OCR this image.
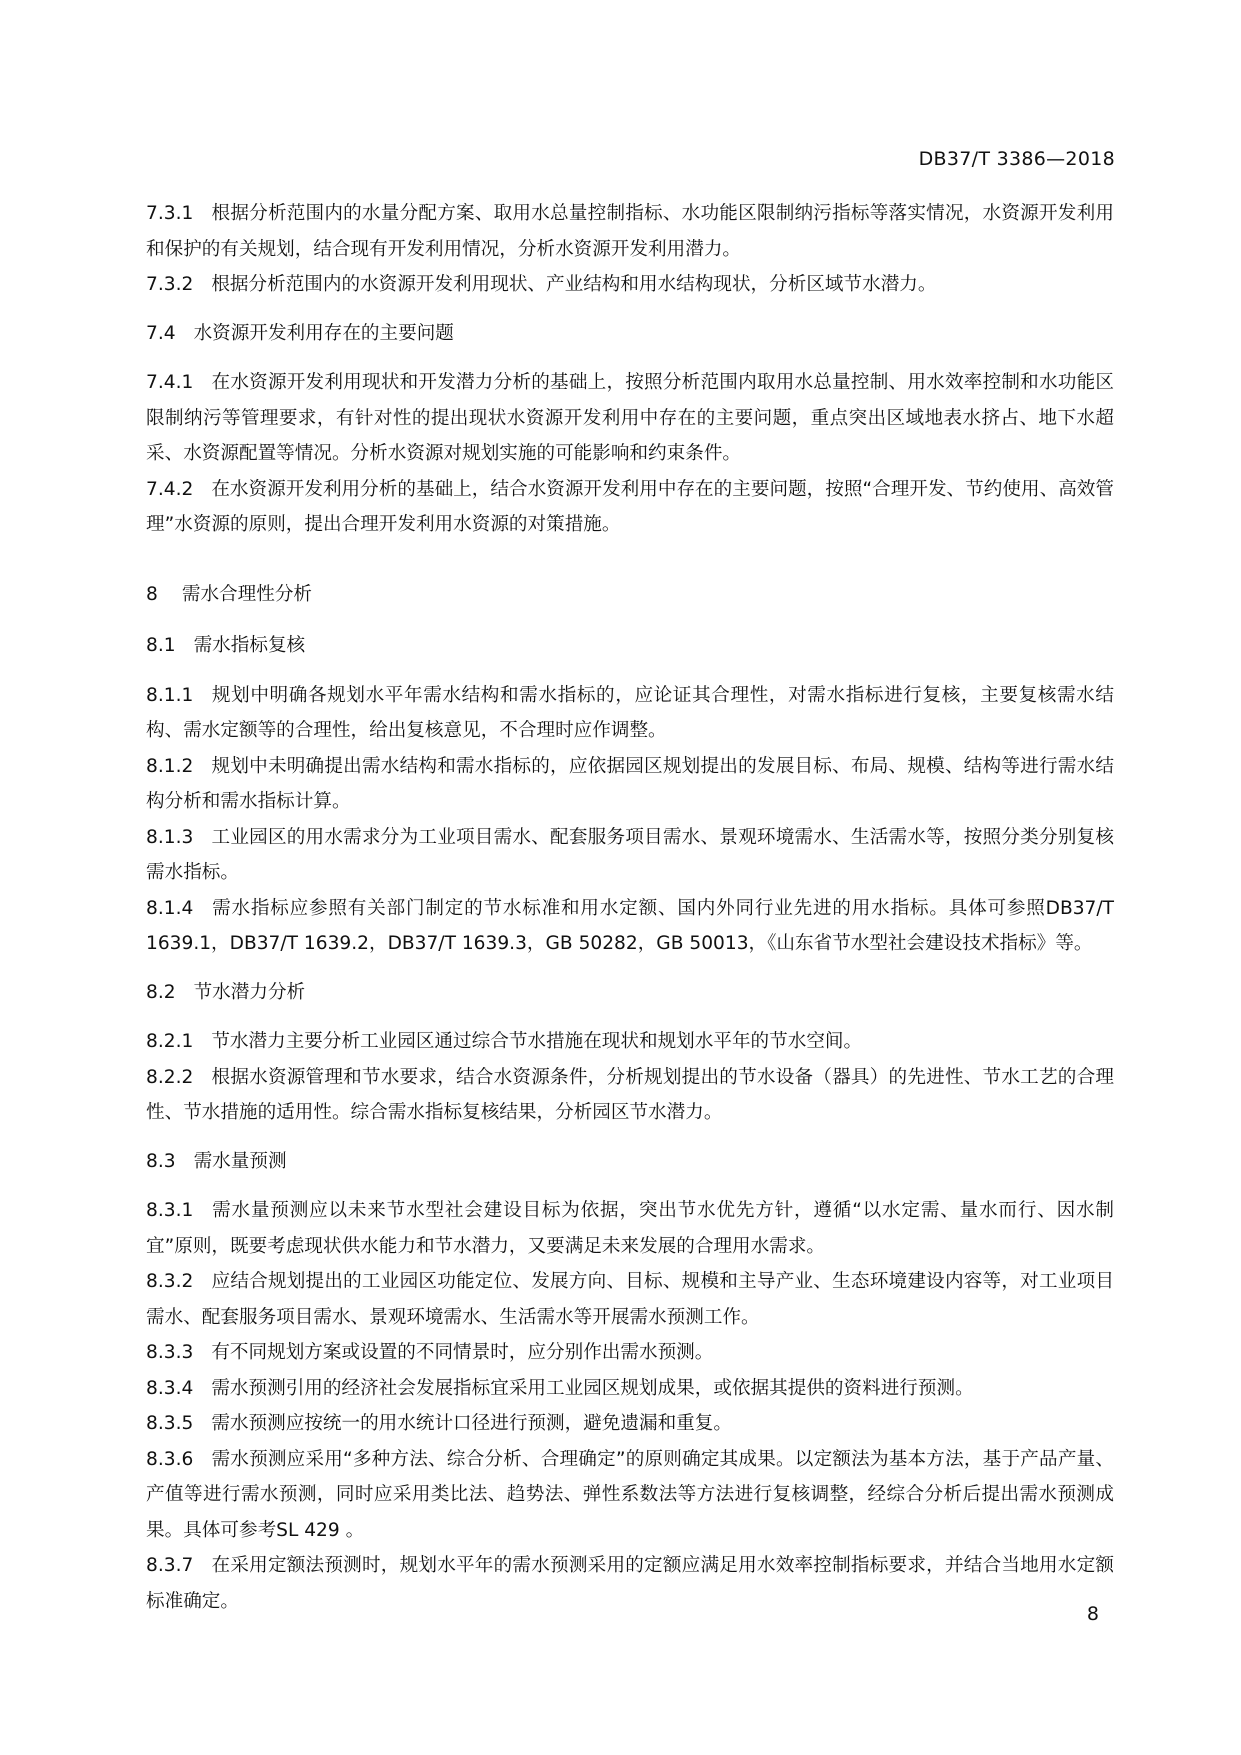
DB37/T 3386—2018
7.3.1 根据分析范围内的水量分配方案、取用水总量控制指标、水功能区限制纳污指标等落实情况，水资源开发利用和保护的有关规划，结合现有开发利用情况，分析水资源开发利用潜力。
7.3.2 根据分析范围内的水资源开发利用现状、产业结构和用水结构现状，分析区域节水潜力。
7.4 水资源开发利用存在的主要问题
7.4.1 在水资源开发利用现状和开发潜力分析的基础上，按照分析范围内取用水总量控制、用水效率控制和水功能区限制纳污等管理要求，有针对性的提出现状水资源开发利用中存在的主要问题，重点突出区域地表水挤占、地下水超采、水资源配置等情况。分析水资源对规划实施的可能影响和约束条件。
7.4.2 在水资源开发利用分析的基础上，结合水资源开发利用中存在的主要问题，按照“合理开发、节约使用、高效管理”水资源的原则，提出合理开发利用水资源的对策措施。
8 需水合理性分析
8.1 需水指标复核
8.1.1 规划中明确各规划水平年需水结构和需水指标的，应论证其合理性，对需水指标进行复核，主要复核需水结构、需水定额等的合理性，给出复核意见，不合理时应作调整。
8.1.2 规划中未明确提出需水结构和需水指标的，应依据园区规划提出的发展目标、布局、规模、结构等进行需水结构分析和需水指标计算。
8.1.3 工业园区的用水需求分为工业项目需水、配套服务项目需水、景观环境需水、生活需水等，按照分类分别复核需水指标。
8.1.4 需水指标应参照有关部门制定的节水标准和用水定额、国内外同行业先进的用水指标。具体可参照DB37/T 1639.1，DB37/T 1639.2，DB37/T 1639.3，GB 50282，GB 50013，《山东省节水型社会建设技术指标》等。
8.2 节水潜力分析
8.2.1 节水潜力主要分析工业园区通过综合节水措施在现状和规划水平年的节水空间。
8.2.2 根据水资源管理和节水要求，结合水资源条件，分析规划提出的节水设备（器具）的先进性、节水工艺的合理性、节水措施的适用性。综合需水指标复核结果，分析园区节水潜力。
8.3 需水量预测
8.3.1 需水量预测应以未来节水型社会建设目标为依据，突出节水优先方针，遵循“以水定需、量水而行、因水制宜”原则，既要考虑现状供水能力和节水潜力，又要满足未来发展的合理用水需求。
8.3.2 应结合规划提出的工业园区功能定位、发展方向、目标、规模和主导产业、生态环境建设内容等，对工业项目需水、配套服务项目需水、景观环境需水、生活需水等开展需水预测工作。
8.3.3 有不同规划方案或设置的不同情景时，应分别作出需水预测。
8.3.4 需水预测引用的经济社会发展指标宜采用工业园区规划成果，或依据其提供的资料进行预测。
8.3.5 需水预测应按统一的用水统计口径进行预测，避免遗漏和重复。
8.3.6 需水预测应采用“多种方法、综合分析、合理确定”的原则确定其成果。以定额法为基本方法，基于产品产量、产值等进行需水预测，同时应采用类比法、趋势法、弹性系数法等方法进行复核调整，经综合分析后提出需水预测成果。具体可参考SL 429 。
8.3.7 在采用定额法预测时，规划水平年的需水预测采用的定额应满足用水效率控制指标要求，并结合当地用水定额标准确定。
8
